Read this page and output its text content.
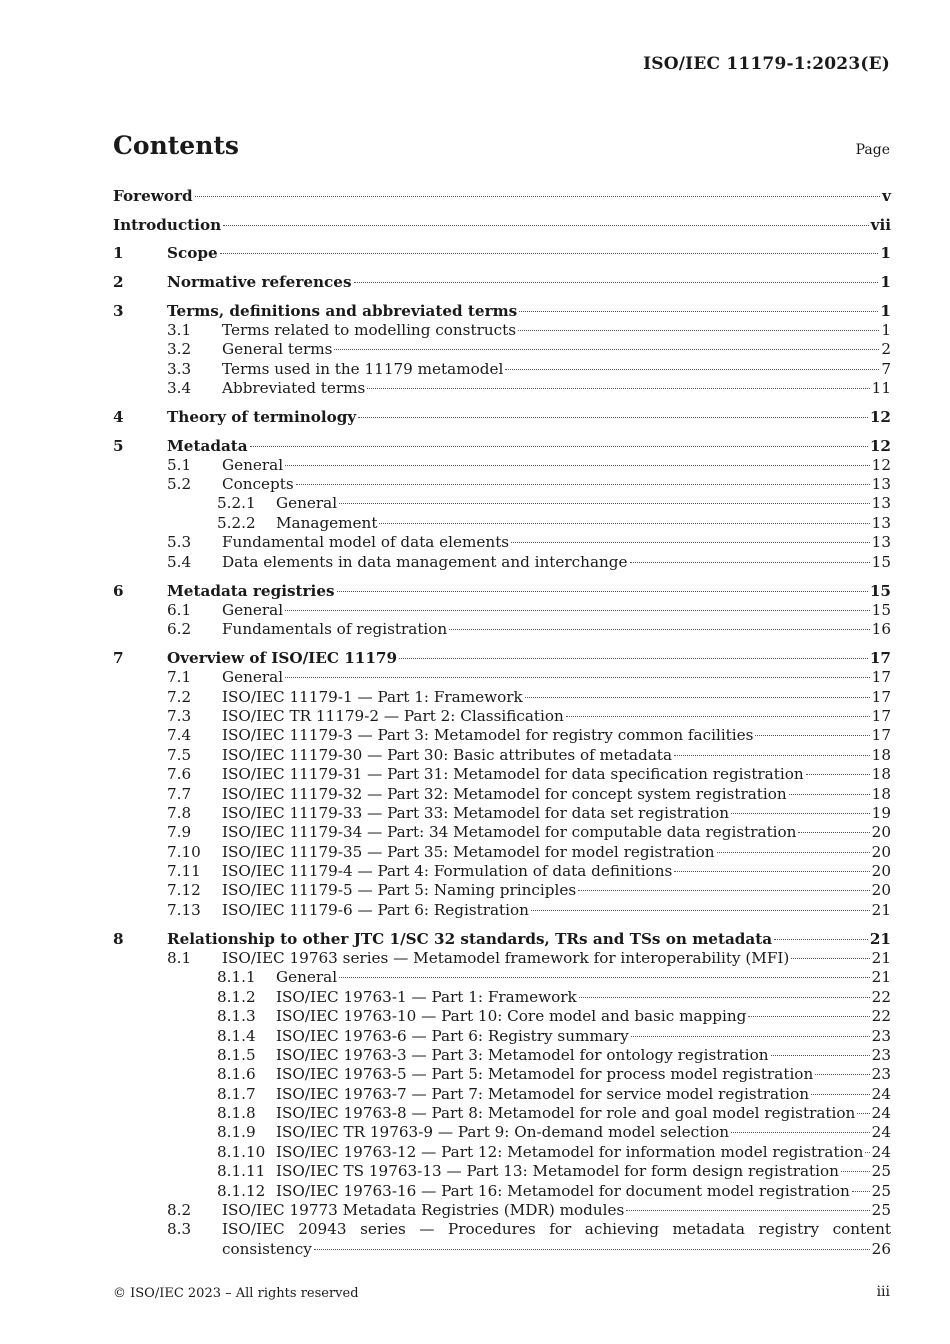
ISO/IEC 11179-1:2023(E)
Contents	Page
Foreword	v
Introduction	vii
1	Scope	1
2	Normative references	1
3	Terms, definitions and abbreviated terms	1
3.1 Terms related to modelling constructs	1
3.2 General terms	2
3.3 Terms used in the 11179 metamodel	7
3.4 Abbreviated terms	11
4	Theory of terminology	12
5	Metadata	12
5.1 General	12
5.2 Concepts	13
5.2.1 General	13
5.2.2 Management	13
5.3 Fundamental model of data elements	13
5.4 Data elements in data management and interchange	15
6	Metadata registries	15
6.1 General	15
6.2 Fundamentals of registration	16
7	Overview of ISO/IEC 11179	17
7.1 General	17
7.2 ISO/IEC 11179-1 — Part 1: Framework	17
7.3 ISO/IEC TR 11179-2 — Part 2: Classification	17
7.4 ISO/IEC 11179-3 — Part 3: Metamodel for registry common facilities	17
7.5 ISO/IEC 11179-30 — Part 30: Basic attributes of metadata	18
7.6 ISO/IEC 11179-31 — Part 31: Metamodel for data specification registration	18
7.7 ISO/IEC 11179-32 — Part 32: Metamodel for concept system registration	18
7.8 ISO/IEC 11179-33 — Part 33: Metamodel for data set registration	19
7.9 ISO/IEC 11179-34 — Part: 34 Metamodel for computable data registration	20
7.10 ISO/IEC 11179-35 — Part 35: Metamodel for model registration	20
7.11 ISO/IEC 11179-4 — Part 4: Formulation of data definitions	20
7.12 ISO/IEC 11179-5 — Part 5: Naming principles	20
7.13 ISO/IEC 11179-6 — Part 6: Registration	21
8	Relationship to other JTC 1/SC 32 standards, TRs and TSs on metadata	21
8.1 ISO/IEC 19763 series — Metamodel framework for interoperability (MFI)	21
8.1.1 General	21
8.1.2 ISO/IEC 19763-1 — Part 1: Framework	22
8.1.3 ISO/IEC 19763-10 — Part 10: Core model and basic mapping	22
8.1.4 ISO/IEC 19763-6 — Part 6: Registry summary	23
8.1.5 ISO/IEC 19763-3 — Part 3: Metamodel for ontology registration	23
8.1.6 ISO/IEC 19763-5 — Part 5: Metamodel for process model registration	23
8.1.7 ISO/IEC 19763-7 — Part 7: Metamodel for service model registration	24
8.1.8 ISO/IEC 19763-8 — Part 8: Metamodel for role and goal model registration 24
8.1.9 ISO/IEC TR 19763-9 — Part 9: On-demand model selection	24
8.1.10 ISO/IEC 19763-12 — Part 12: Metamodel for information model registration 24
8.1.11 ISO/IEC TS 19763-13 — Part 13: Metamodel for form design registration 25
8.1.12 ISO/IEC 19763-16 — Part 16: Metamodel for document model registration 25
8.2 ISO/IEC 19773 Metadata Registries (MDR) modules	25
8.3 ISO/IEC 20943 series — Procedures for achieving metadata registry content
consistency	26
© ISO/IEC 2023 – All rights reserved	iii
